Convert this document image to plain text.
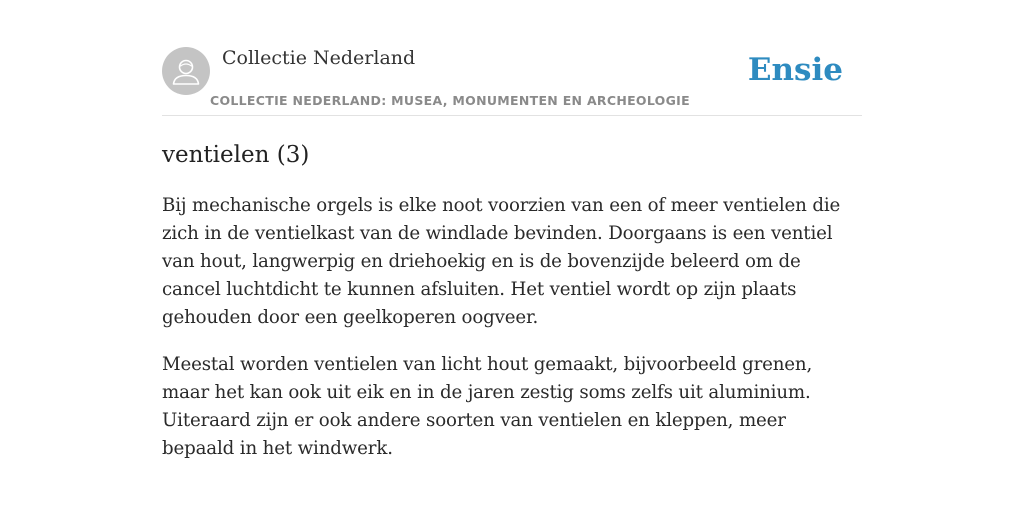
Collectie Nederland
COLLECTIE NEDERLAND: MUSEA, MONUMENTEN EN ARCHEOLOGIE
Ensie
ventielen (3)

Bij mechanische orgels is elke noot voorzien van een of meer ventielen die zich in de ventielkast van de windlade bevinden. Doorgaans is een ventiel van hout, langwerpig en driehoekig en is de bovenzijde beleerd om de cancel luchtdicht te kunnen afsluiten. Het ventiel wordt op zijn plaats gehouden door een geelkoperen oogveer.

Meestal worden ventielen van licht hout gemaakt, bijvoorbeeld grenen, maar het kan ook uit eik en in de jaren zestig soms zelfs uit aluminium. Uiteraard zijn er ook andere soorten van ventielen en kleppen, meer bepaald in het windwerk.
